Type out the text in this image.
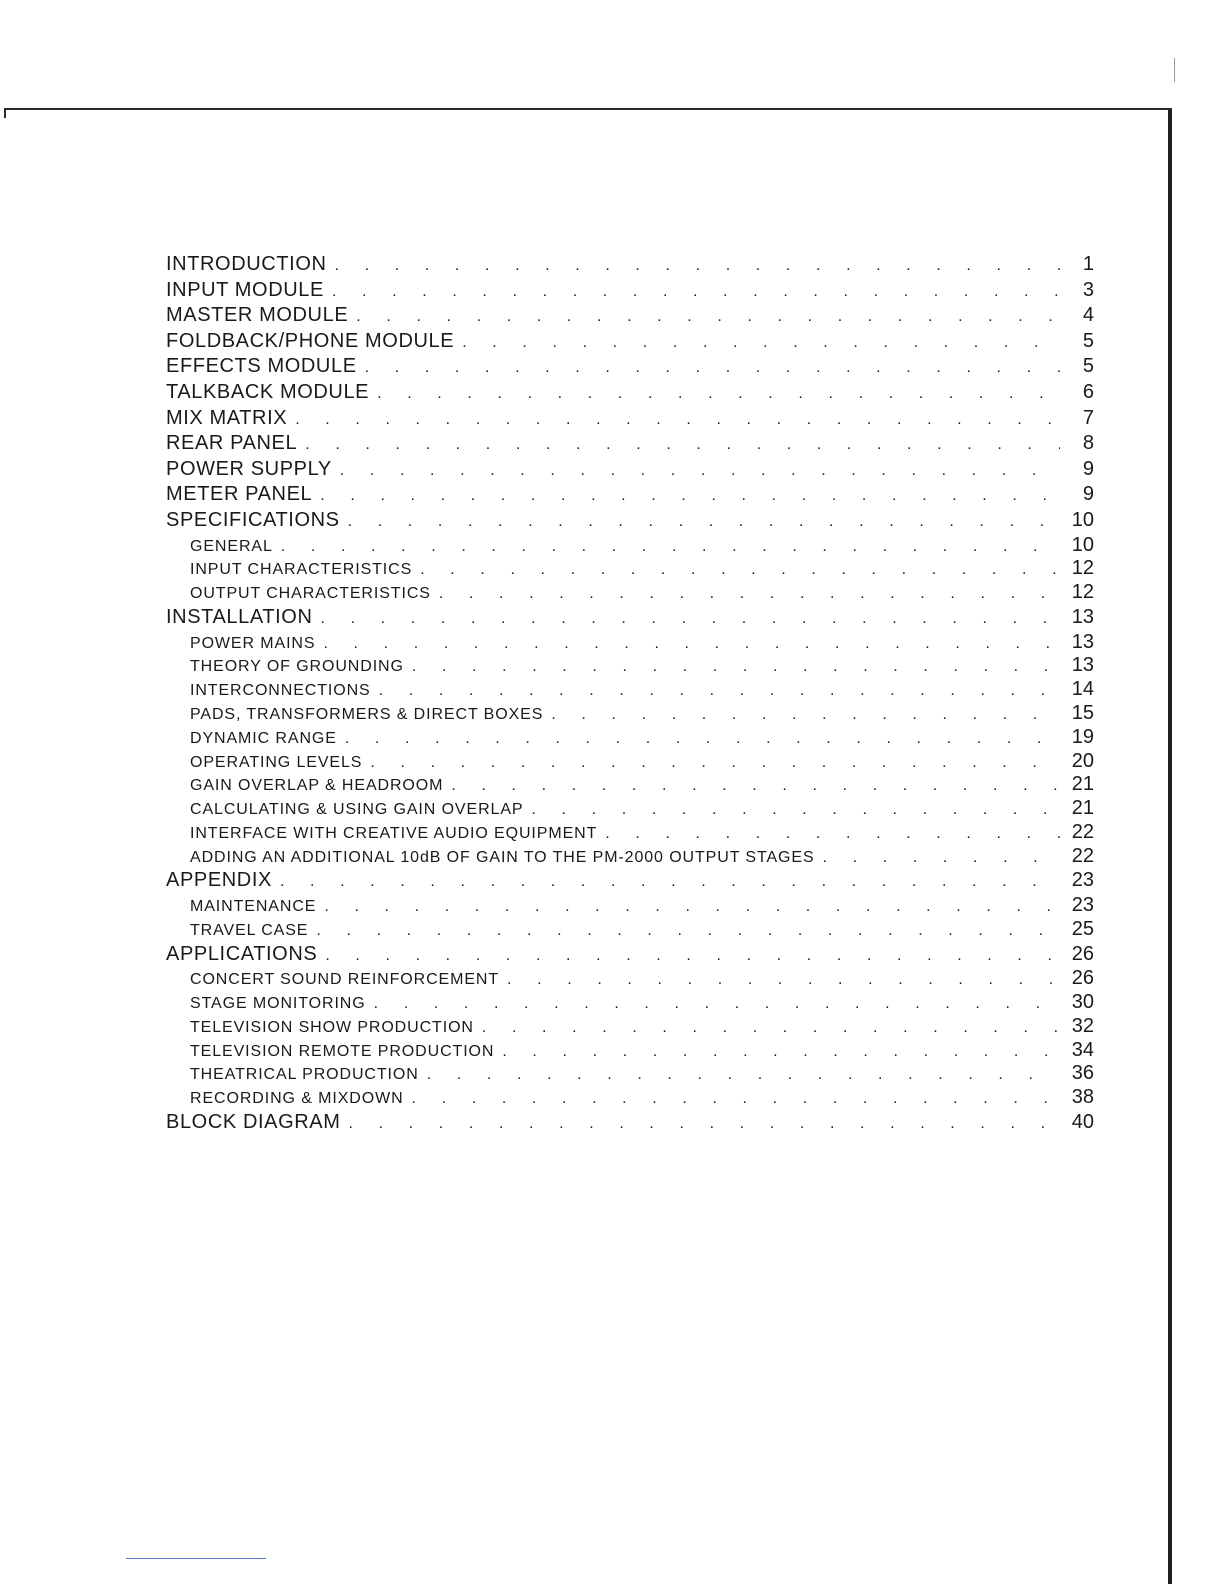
INTRODUCTION . . .	1
INPUT MODULE . . .	3
MASTER MODULE . . .	4
FOLDBACK/PHONE MODULE . . .	5
EFFECTS MODULE . . .	5
TALKBACK MODULE . . .	6
MIX MATRIX . . .	7
REAR PANEL . . .	8
POWER SUPPLY . . .	9
METER PANEL . . .	9
SPECIFICATIONS . . .	10
GENERAL . . .	10
INPUT CHARACTERISTICS . . .	12
OUTPUT CHARACTERISTICS . . .	12
INSTALLATION . . .	13
POWER MAINS . . .	13
THEORY OF GROUNDING . . .	13
INTERCONNECTIONS . . .	14
PADS, TRANSFORMERS & DIRECT BOXES . . .	15
DYNAMIC RANGE . . .	19
OPERATING LEVELS . . .	20
GAIN OVERLAP & HEADROOM . . .	21
CALCULATING & USING GAIN OVERLAP . . .	21
INTERFACE WITH CREATIVE AUDIO EQUIPMENT . . .	22
ADDING AN ADDITIONAL 10dB OF GAIN TO THE PM-2000 OUTPUT STAGES . . .	22
APPENDIX . . .	23
MAINTENANCE . . .	23
TRAVEL CASE . . .	25
APPLICATIONS . . .	26
CONCERT SOUND REINFORCEMENT . . .	26
STAGE MONITORING . . .	30
TELEVISION SHOW PRODUCTION . . .	32
TELEVISION REMOTE PRODUCTION . . .	34
THEATRICAL PRODUCTION . . .	36
RECORDING & MIXDOWN . . .	38
BLOCK DIAGRAM . . .	40
